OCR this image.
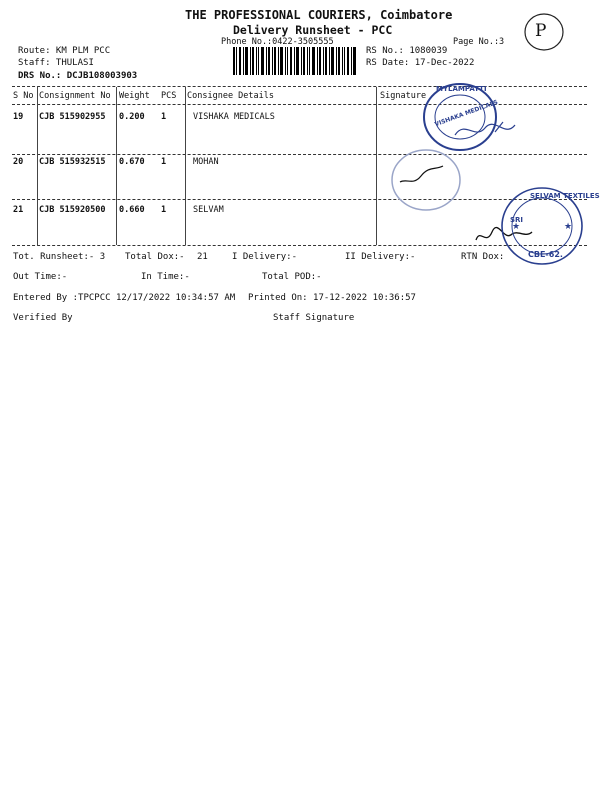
THE PROFESSIONAL COURIERS, Coimbatore
Delivery Runsheet - PCC
Phone No.:0422-3505555	Page No.:3
Route: KM PLM PCC
Staff: THULASI
DRS No.: DCJB108003903
RS No.: 1080039
RS Date: 17-Dec-2022
P
S No Consignment No Weight PCS Consignee Details	Signature
19 CJB 515902955 0.200 1	VISHAKA MEDICALS
20 CJB 515932515 0.670 1	MOHAN
21 CJB 515920500 0.660 1	SELVAM
MYLAMPATTI
VISHAKA MEDICALS
★	★
SELVAM TEXTILES
SRI
CBE-62.
Tot. Runsheet:- 3 Total Dox:- 21	I Delivery:-	II Delivery:-	RTN Dox:
Out Time:-	In Time:-	Total POD:-
Entered By :TPCPCC 12/17/2022 10:34:57 AM Printed On: 17-12-2022 10:36:57
Verified By	Staff Signature
